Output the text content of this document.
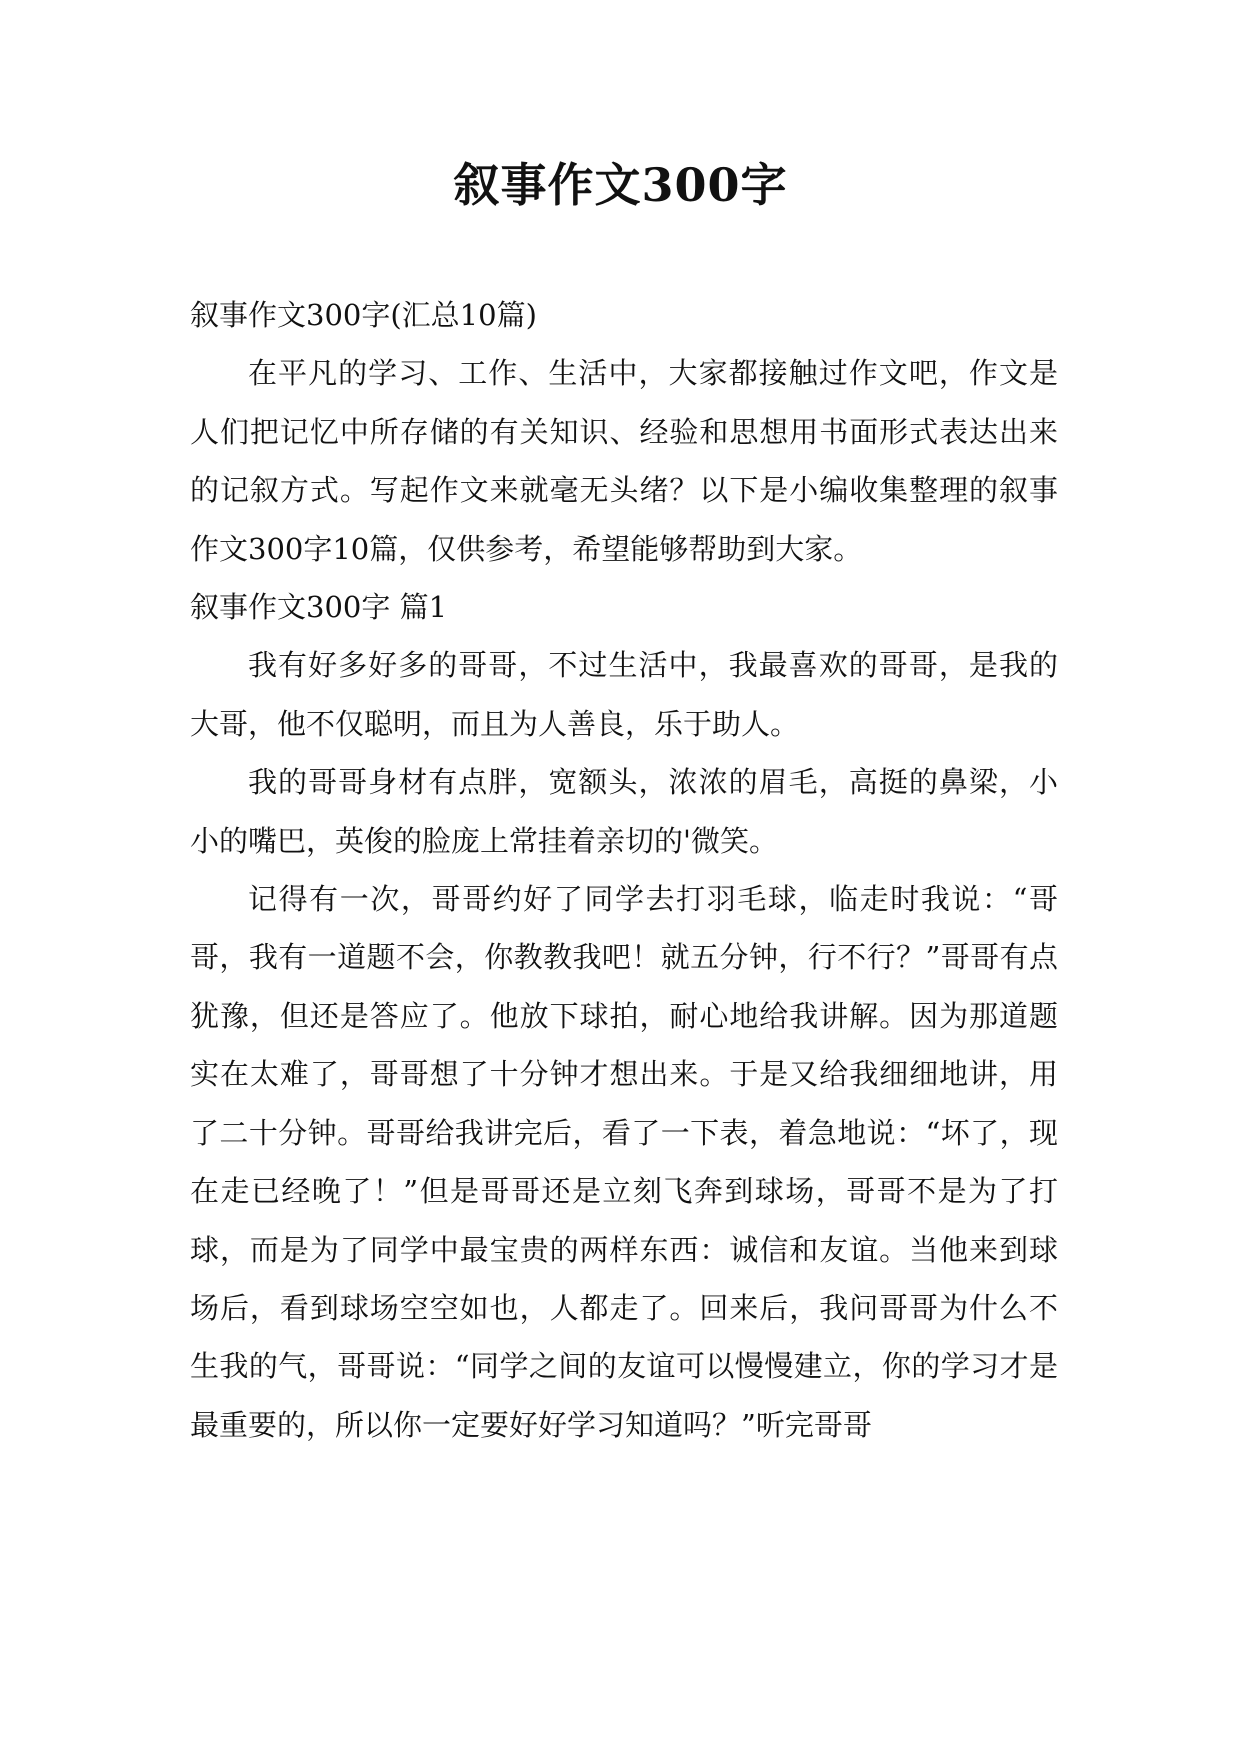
叙事作文300字

叙事作文300字(汇总10篇)

在平凡的学习、工作、生活中，大家都接触过作文吧，作文是人们把记忆中所存储的有关知识、经验和思想用书面形式表达出来的记叙方式。写起作文来就毫无头绪？以下是小编收集整理的叙事作文300字10篇，仅供参考，希望能够帮助到大家。

叙事作文300字 篇1

我有好多好多的哥哥，不过生活中，我最喜欢的哥哥，是我的大哥，他不仅聪明，而且为人善良，乐于助人。

我的哥哥身材有点胖，宽额头，浓浓的眉毛，高挺的鼻梁，小小的嘴巴，英俊的脸庞上常挂着亲切的'微笑。

记得有一次，哥哥约好了同学去打羽毛球，临走时我说：“哥哥，我有一道题不会，你教教我吧！就五分钟，行不行？”哥哥有点犹豫，但还是答应了。他放下球拍，耐心地给我讲解。因为那道题实在太难了，哥哥想了十分钟才想出来。于是又给我细细地讲，用了二十分钟。哥哥给我讲完后，看了一下表，着急地说：“坏了，现在走已经晚了！”但是哥哥还是立刻飞奔到球场，哥哥不是为了打球，而是为了同学中最宝贵的两样东西：诚信和友谊。当他来到球场后，看到球场空空如也，人都走了。回来后，我问哥哥为什么不生我的气，哥哥说：“同学之间的友谊可以慢慢建立，你的学习才是最重要的，所以你一定要好好学习知道吗？”听完哥哥
